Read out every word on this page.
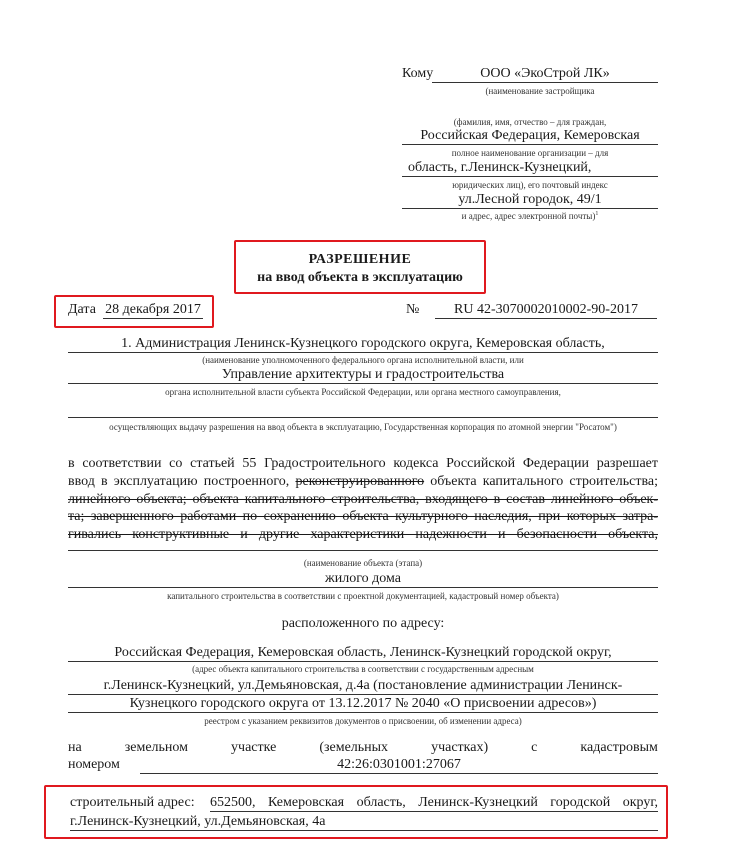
Кому	ООО «ЭкоСтрой ЛК»
(наименование застройщика
(фамилия, имя, отчество – для граждан,
Российская Федерация, Кемеровская
полное наименование организации – для
область, г.Ленинск-Кузнецкий,
юридических лиц), его почтовый индекс
ул.Лесной городок, 49/1
и адрес, адрес электронной почты)$^1$
РАЗРЕШЕНИЕ
на ввод объекта в эксплуатацию
Дата 28 декабря 2017	№	RU 42-3070002010002-90-2017
1. Администрация Ленинск-Кузнецкого городского округа, Кемеровская область,
(наименование уполномоченного федерального органа исполнительной власти, или
Управление архитектуры и градостроительства
органа исполнительной власти субъекта Российской Федерации, или органа местного самоуправления,
осуществляющих выдачу разрешения на ввод объекта в эксплуатацию, Государственная корпорация по атомной энергии "Росатом")
в соответствии со статьей 55 Градостроительного кодекса Российской Федерации разрешает
ввод в эксплуатацию построенного, реконструированного объекта капитального строительства;
линейного объекта; объекта капитального строительства, входящего в состав линейного объек-
та; завершенного работами по сохранению объекта культурного наследия, при которых затра-
гивались конструктивные и другие характеристики надежности и безопасности объекта,
(наименование объекта (этапа)
жилого дома
капитального строительства в соответствии с проектной документацией, кадастровый номер объекта)
расположенного по адресу:
Российская Федерация, Кемеровская область, Ленинск-Кузнецкий городской округ,
(адрес объекта капитального строительства в соответствии с государственным адресным
г.Ленинск-Кузнецкий, ул.Демьяновская, д.4а (постановление администрации Ленинск-
Кузнецкого городского округа от 13.12.2017 № 2040 «О присвоении адресов»)
реестром с указанием реквизитов документов о присвоении, об изменении адреса)
на	земельном	участке	(земельных	участках)	с	кадастровым
номером	42:26:0301001:27067
строительный адрес: 652500, Кемеровская область, Ленинск-Кузнецкий городской округ,
г.Ленинск-Кузнецкий, ул.Демьяновская, 4а
